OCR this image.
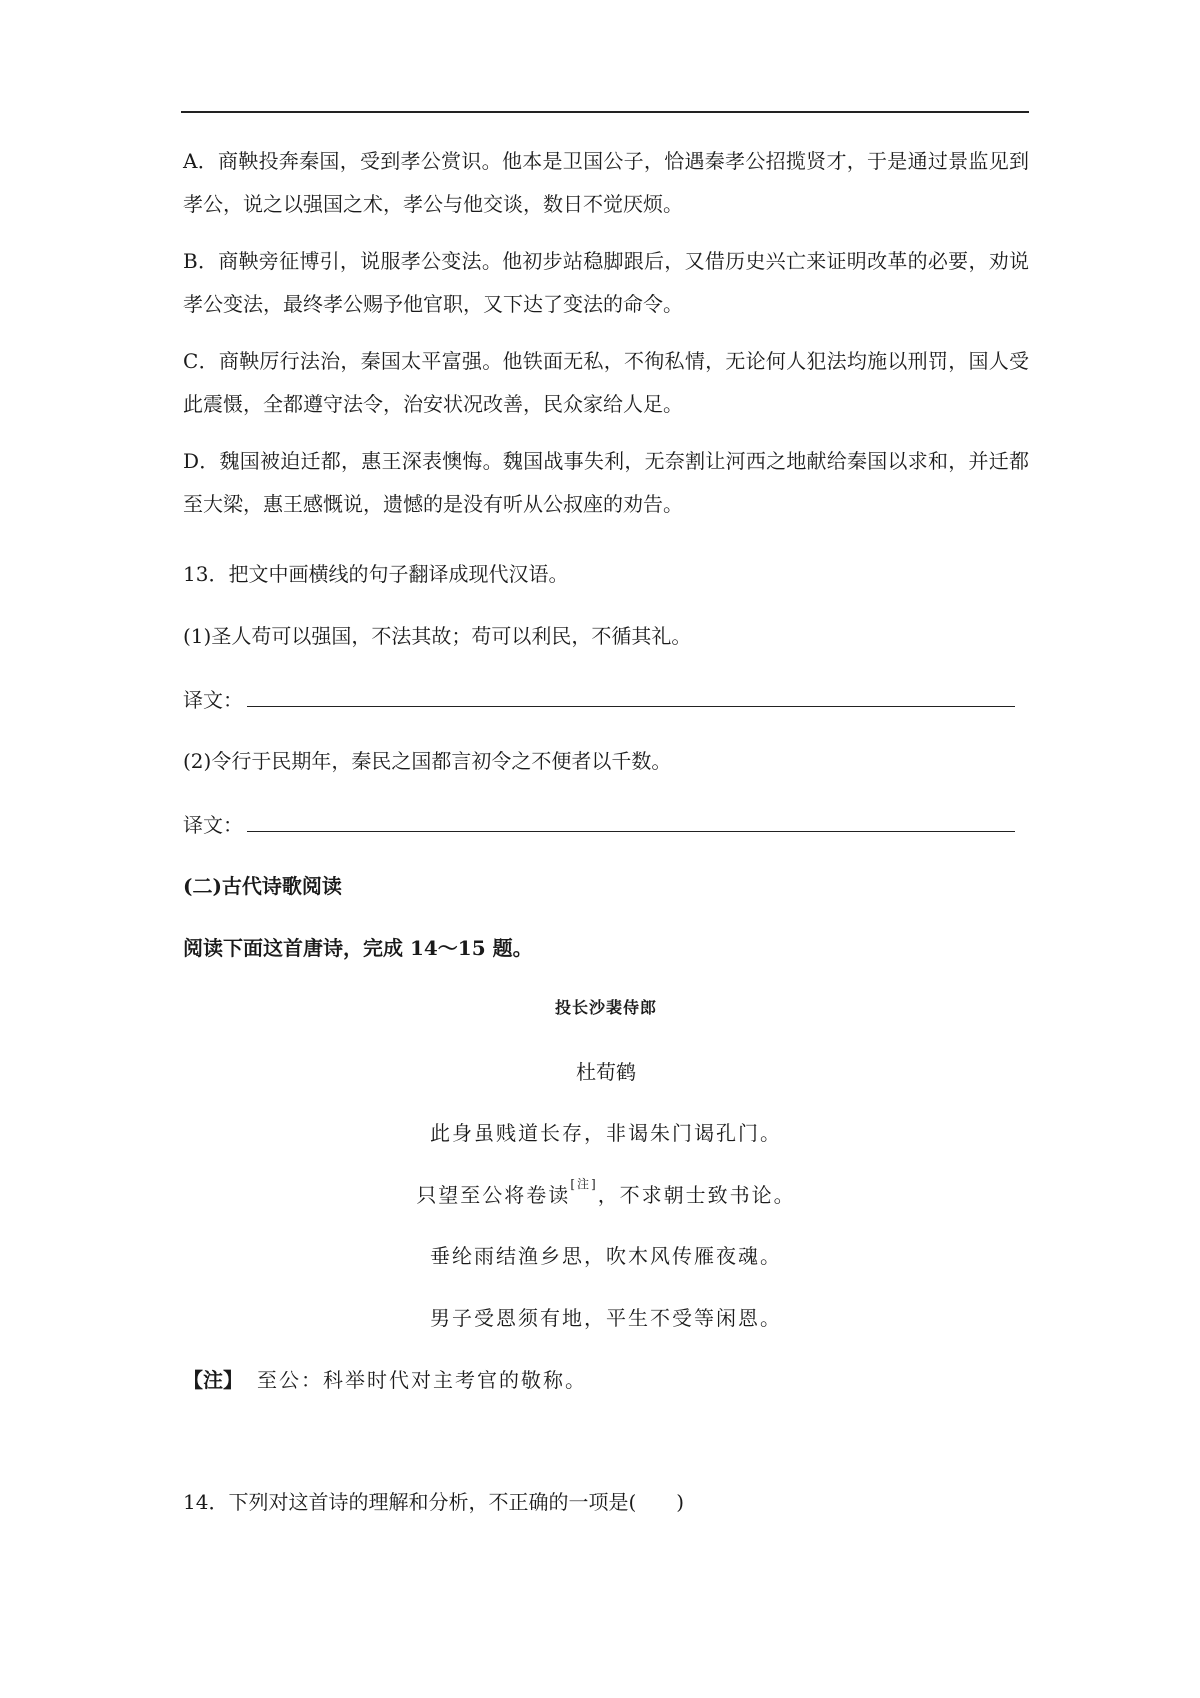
A．商鞅投奔秦国，受到孝公赏识。他本是卫国公子，恰遇秦孝公招揽贤才，于是通过景监见到孝公，说之以强国之术，孝公与他交谈，数日不觉厌烦。

B．商鞅旁征博引，说服孝公变法。他初步站稳脚跟后，又借历史兴亡来证明改革的必要，劝说孝公变法，最终孝公赐予他官职，又下达了变法的命令。

C．商鞅厉行法治，秦国太平富强。他铁面无私，不徇私情，无论何人犯法均施以刑罚，国人受此震慑，全都遵守法令，治安状况改善，民众家给人足。

D．魏国被迫迁都，惠王深表懊悔。魏国战事失利，无奈割让河西之地献给秦国以求和，并迁都至大梁，惠王感慨说，遗憾的是没有听从公叔座的劝告。

13．把文中画横线的句子翻译成现代汉语。
(1)圣人苟可以强国，不法其故；苟可以利民，不循其礼。
译文：
(2)令行于民期年，秦民之国都言初令之不便者以千数。
译文：
(二)古代诗歌阅读
阅读下面这首唐诗，完成 14～15 题。
投长沙裴侍郎
杜荀鹤
此身虽贱道长存，非谒朱门谒孔门。
只望至公将卷读[注]，不求朝士致书论。
垂纶雨结渔乡思，吹木风传雁夜魂。
男子受恩须有地，平生不受等闲恩。
【注】 至公：科举时代对主考官的敬称。
14．下列对这首诗的理解和分析，不正确的一项是(　　)
